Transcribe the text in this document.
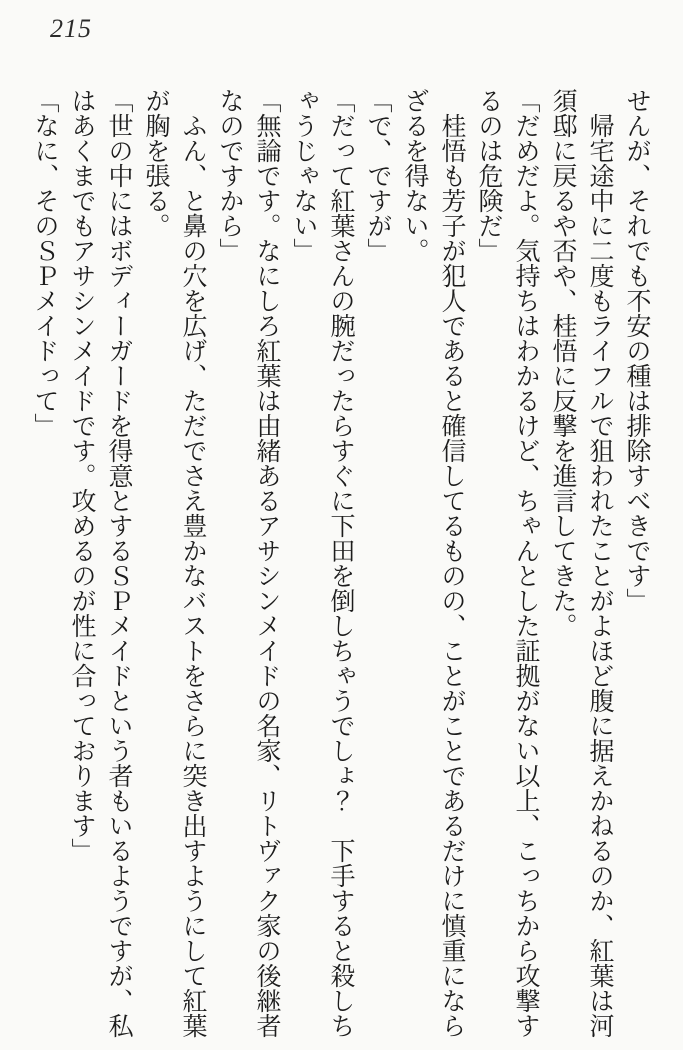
215
せんが、それでも不安の種は排除すべきです」
　帰宅途中に二度もライフルで狙われたことがよほど腹に据えかねるのか、紅葉は河
須邸に戻るや否や、桂悟に反撃を進言してきた。
「だめだよ。気持ちはわかるけど、ちゃんとした証拠がない以上、こっちから攻撃す
るのは危険だ」
　桂悟も芳子が犯人であると確信してるものの、ことがことであるだけに慎重になら
ざるを得ない。
「で、ですが」
「だって紅葉さんの腕だったらすぐに下田を倒しちゃうでしょ？　下手すると殺しち
ゃうじゃない」
「無論です。なにしろ紅葉は由緒あるアサシンメイドの名家、リトヴァク家の後継者
なのですから」
　ふん、と鼻の穴を広げ、ただでさえ豊かなバストをさらに突き出すようにして紅葉
が胸を張る。
「世の中にはボディーガードを得意とするＳＰメイドという者もいるようですが、私
はあくまでもアサシンメイドです。攻めるのが性に合っております」
「なに、そのＳＰメイドって」
